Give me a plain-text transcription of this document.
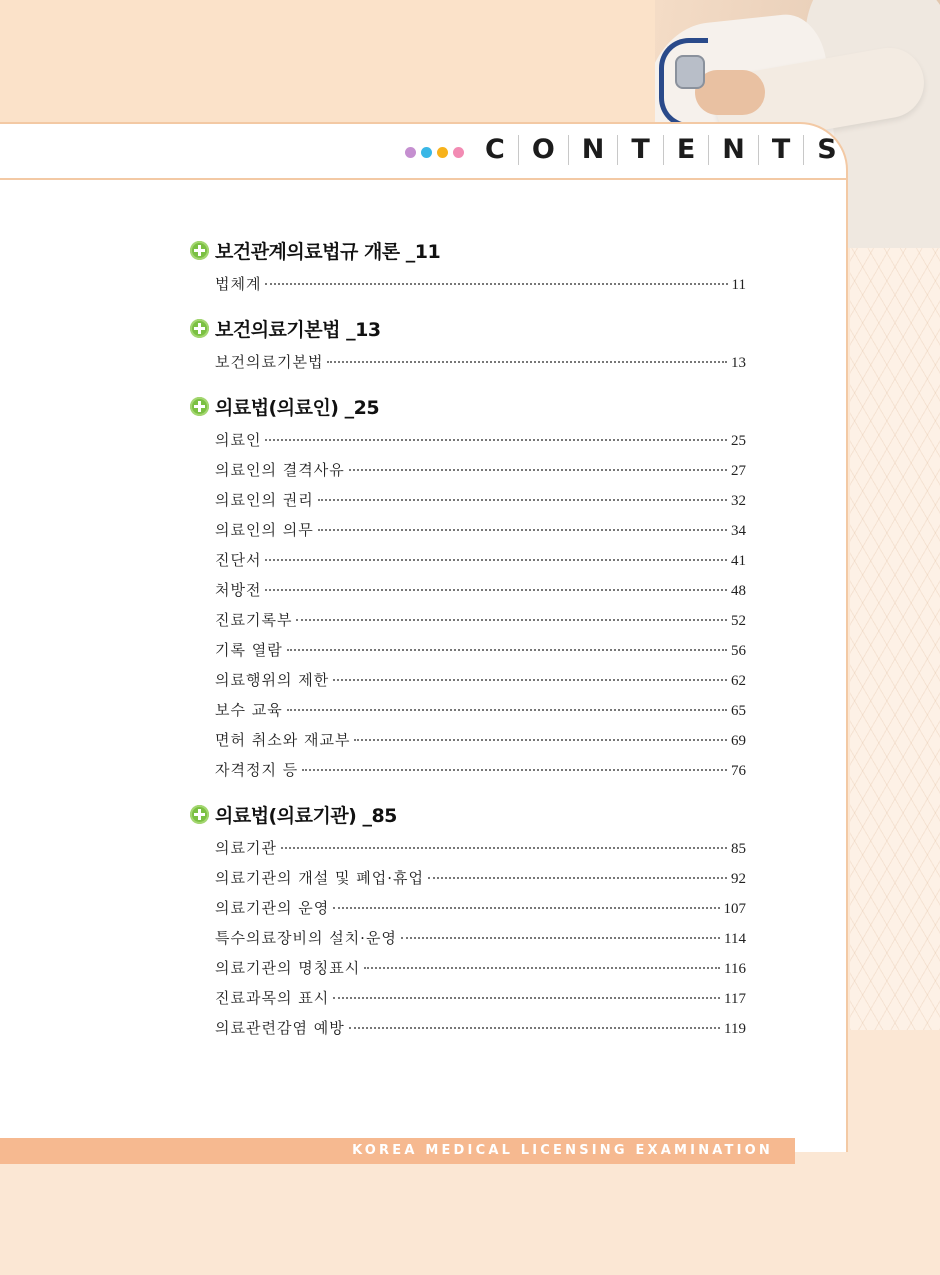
C	O	N	T	E	N	T	S
보건관계의료법규 개론 _11
법체계	11
보건의료기본법 _13
보건의료기본법	13
의료법(의료인) _25
의료인	25
의료인의 결격사유	27
의료인의 권리	32
의료인의 의무	34
진단서	41
처방전	48
진료기록부	52
기록 열람	56
의료행위의 제한	62
보수 교육	65
면허 취소와 재교부	69
자격정지 등	76
의료법(의료기관) _85
의료기관	85
의료기관의 개설 및 폐업·휴업	92
의료기관의 운영	107
특수의료장비의 설치·운영	114
의료기관의 명칭표시	116
진료과목의 표시	117
의료관련감염 예방	119
KOREA MEDICAL LICENSING EXAMINATION
